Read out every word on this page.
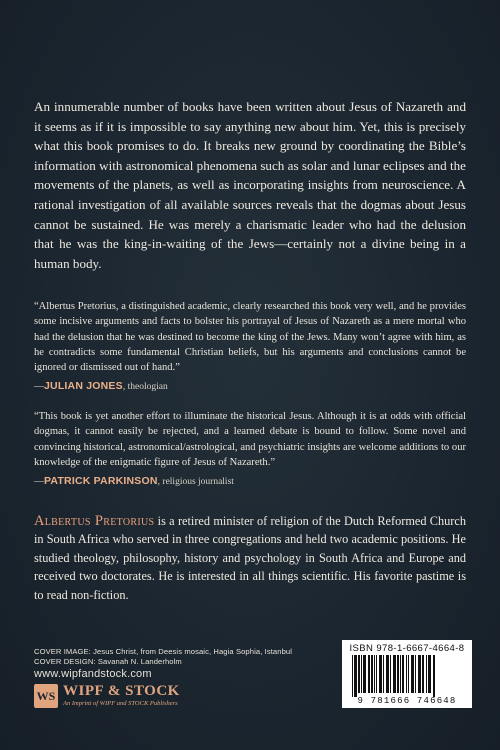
An innumerable number of books have been written about Jesus of Nazareth and it seems as if it is impossible to say anything new about him. Yet, this is precisely what this book promises to do. It breaks new ground by coordinating the Bible’s information with astronomical phenomena such as solar and lunar eclipses and the movements of the planets, as well as incorporating insights from neuroscience. A rational investigation of all available sources reveals that the dogmas about Jesus cannot be sustained. He was merely a charismatic leader who had the delusion that he was the king-in-waiting of the Jews—certainly not a divine being in a human body.

“Albertus Pretorius, a distinguished academic, clearly researched this book very well, and he provides some incisive arguments and facts to bolster his portrayal of Jesus of Nazareth as a mere mortal who had the delusion that he was destined to become the king of the Jews. Many won’t agree with him, as he contradicts some fundamental Christian beliefs, but his arguments and conclusions cannot be ignored or dismissed out of hand.”

—JULIAN JONES, theologian

“This book is yet another effort to illuminate the historical Jesus. Although it is at odds with official dogmas, it cannot easily be rejected, and a learned debate is bound to follow. Some novel and convincing historical, astronomical/astrological, and psychiatric insights are welcome additions to our knowledge of the enigmatic figure of Jesus of Nazareth.”

—PATRICK PARKINSON, religious journalist

Albertus Pretorius is a retired minister of religion of the Dutch Reformed Church in South Africa who served in three congregations and held two academic positions. He studied theology, philosophy, history and psychology in South Africa and Europe and received two doctorates. He is interested in all things scientific. His favorite pastime is to read non-fiction.

COVER IMAGE: Jesus Christ, from Deesis mosaic, Hagia Sophia, Istanbul
COVER DESIGN: Savanah N. Landerholm
www.wipfandstock.com
WS WIPF & STOCK
An Imprint of WIPF and STOCK Publishers
ISBN 978-1-6667-4664-8
9 781666 746648
